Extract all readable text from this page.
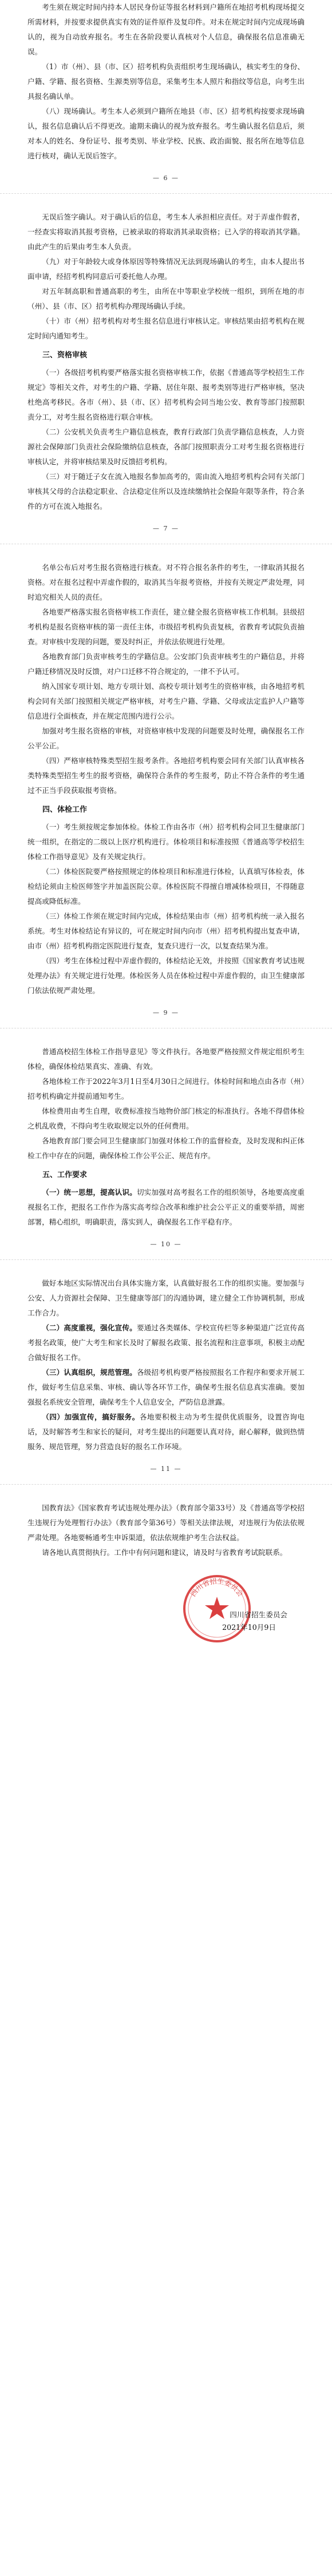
考生须在规定时间内持本人居民身份证等报名材料到户籍所在地招考机构现场提交所需材料，并按要求提供真实有效的证件原件及复印件。对未在规定时间内完成现场确认的，视为自动放弃报名。考生在各阶段要认真核对个人信息，确保报名信息准确无误。

（1）市（州）、县（市、区）招考机构负责组织考生现场确认，核实考生的身份、户籍、学籍、报名资格、生源类别等信息，采集考生本人照片和指纹等信息，向考生出具报名确认单。

（八）现场确认。考生本人必须到户籍所在地县（市、区）招考机构按要求现场确认，报名信息确认后不得更改。逾期未确认的视为放弃报名。考生确认报名信息后，须对本人的姓名、身份证号、报考类别、毕业学校、民族、政治面貌、报名所在地等信息进行核对，确认无误后签字。

— 6 —

无误后签字确认。对于确认后的信息，考生本人承担相应责任。对于弄虚作假者，一经查实将取消其报考资格，已被录取的将取消其录取资格；已入学的将取消其学籍。由此产生的后果由考生本人负责。

（九）对于年龄较大或身体原因等特殊情况无法到现场确认的考生，由本人提出书面申请，经招考机构同意后可委托他人办理。

对五年制高职和普通高职的考生，由所在中等职业学校统一组织，到所在地的市（州）、县（市、区）招考机构办理现场确认手续。

（十）市（州）招考机构对考生报名信息进行审核认定。审核结果由招考机构在规定时间内通知考生。

三、资格审核

（一）各级招考机构要严格落实报名资格审核工作，依据《普通高等学校招生工作规定》等相关文件，对考生的户籍、学籍、居住年限、报考类别等进行严格审核，坚决杜绝高考移民。各市（州）、县（市、区）招考机构会同当地公安、教育等部门按照职责分工，对考生报名资格进行联合审核。

（二）公安机关负责考生户籍信息核查，教育行政部门负责学籍信息核查，人力资源社会保障部门负责社会保险缴纳信息核查，各部门按照职责分工对考生报名资格进行审核认定，并将审核结果及时反馈招考机构。

（三）对于随迁子女在流入地报名参加高考的，需由流入地招考机构会同有关部门审核其父母的合法稳定职业、合法稳定住所以及连续缴纳社会保险年限等条件，符合条件的方可在流入地报名。

— 7 —

名单公布后对考生报名资格进行核查。对不符合报名条件的考生，一律取消其报名资格。对在报名过程中弄虚作假的，取消其当年报考资格，并按有关规定严肃处理，同时追究相关人员的责任。

各地要严格落实报名资格审核工作责任，建立健全报名资格审核工作机制。县级招考机构是报名资格审核的第一责任主体，市级招考机构负责复核，省教育考试院负责抽查。对审核中发现的问题，要及时纠正，并依法依规进行处理。

各地教育部门负责审核考生的学籍信息。公安部门负责审核考生的户籍信息，并将户籍迁移情况及时反馈，对户口迁移不符合规定的，一律不予认可。

纳入国家专项计划、地方专项计划、高校专项计划考生的资格审核，由各地招考机构会同有关部门按照相关规定严格审核，对考生户籍、学籍、父母或法定监护人户籍等信息进行全面核查，并在规定范围内进行公示。

加强对考生报名资格的审核，对资格审核中发现的问题要及时处理，确保报名工作公平公正。

（四）严格审核特殊类型招生报考条件。各地招考机构要会同有关部门认真审核各类特殊类型招生考生的报考资格，确保符合条件的考生报考，防止不符合条件的考生通过不正当手段获取报考资格。

四、体检工作

（一）考生须按规定参加体检。体检工作由各市（州）招考机构会同卫生健康部门统一组织，在指定的二级以上医疗机构进行。体检项目和标准按照《普通高等学校招生体检工作指导意见》及有关规定执行。

（二）体检医院要严格按照规定的体检项目和标准进行体检，认真填写体检表，体检结论须由主检医师签字并加盖医院公章。体检医院不得擅自增减体检项目，不得随意提高或降低标准。

（三）体检工作须在规定时间内完成，体检结果由市（州）招考机构统一录入报名系统。考生对体检结论有异议的，可在规定时间内向市（州）招考机构提出复查申请，由市（州）招考机构指定医院进行复查，复查只进行一次，以复查结果为准。

（四）考生在体检过程中弄虚作假的，体检结论无效，并按照《国家教育考试违规处理办法》有关规定进行处理。体检医务人员在体检过程中弄虚作假的，由卫生健康部门依法依规严肃处理。

— 9 —

普通高校招生体检工作指导意见》等文件执行。各地要严格按照文件规定组织考生体检，确保体检结果真实、准确、有效。

各地体检工作于2022年3月1日至4月30日之间进行。体检时间和地点由各市（州）招考机构确定并提前通知考生。

体检费用由考生自理，收费标准按当地物价部门核定的标准执行。各地不得借体检之机乱收费，不得向考生收取规定以外的任何费用。

各地教育部门要会同卫生健康部门加强对体检工作的监督检查，及时发现和纠正体检工作中存在的问题，确保体检工作公平公正、规范有序。

五、工作要求

（一）统一思想，提高认识。切实加强对高考报名工作的组织领导，各地要高度重视报名工作，把报名工作作为落实高考综合改革和维护社会公平正义的重要举措，周密部署，精心组织，明确职责，落实到人，确保报名工作平稳有序。

— 10 —

做好本地区实际情况出台具体实施方案，认真做好报名工作的组织实施。要加强与公安、人力资源社会保障、卫生健康等部门的沟通协调，建立健全工作协调机制，形成工作合力。

（二）高度重视，强化宣传。要通过各类媒体、学校宣传栏等多种渠道广泛宣传高考报名政策，使广大考生和家长及时了解报名政策、报名流程和注意事项，积极主动配合做好报名工作。

（三）认真组织，规范管理。各级招考机构要严格按照报名工作程序和要求开展工作，做好考生信息采集、审核、确认等各环节工作，确保考生报名信息真实准确。要加强报名系统安全管理，确保考生个人信息安全，严防信息泄露。

（四）加强宣传，搞好服务。各地要积极主动为考生提供优质服务，设置咨询电话，及时解答考生和家长的疑问，对考生提出的问题要认真对待，耐心解释，做到热情服务、规范管理，努力营造良好的报名工作环境。

— 11 —

国教育法》《国家教育考试违规处理办法》（教育部令第33号）及《普通高等学校招生违规行为处理暂行办法》（教育部令第36号）等相关法律法规，对违规行为依法依规严肃处理。各地要畅通考生申诉渠道，依法依规维护考生合法权益。

请各地认真贯彻执行。工作中有何问题和建议，请及时与省教育考试院联系。

四川省招生委员会
四川省招生委员会
2021年10月9日
